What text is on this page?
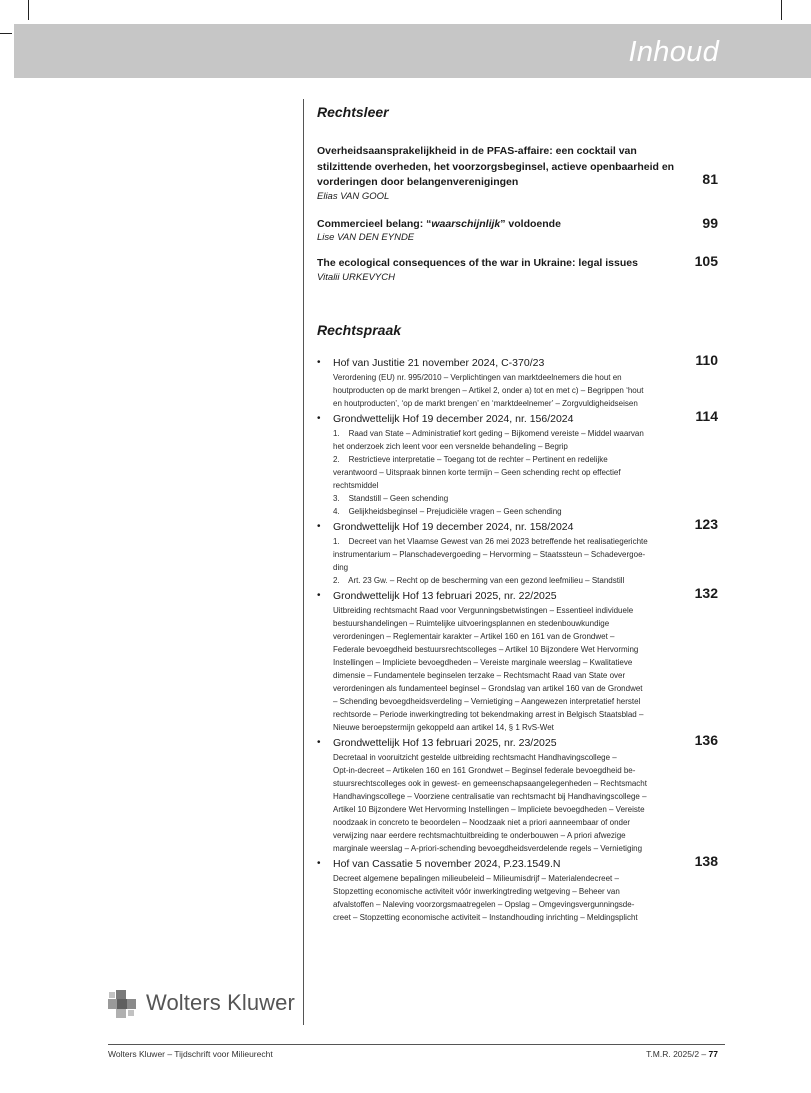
Inhoud
Rechtsleer
Overheidsaansprakelijkheid in de PFAS-affaire: een cocktail van stilzittende overheden, het voorzorgsbeginsel, actieve openbaarheid en vorderingen door belangenverenigingen
Elias VAN GOOL
81
Commercieel belang: “waarschijnlijk” voldoende
Lise VAN DEN EYNDE
99
The ecological consequences of the war in Ukraine: legal issues
Vitalii URKEVYCH
105
Rechtspraak
• Hof van Justitie 21 november 2024, C-370/23
Verordening (EU) nr. 995/2010 – Verplichtingen van marktdeelnemers die hout en
houtproducten op de markt brengen – Artikel 2, onder a) tot en met c) – Begrippen ‘hout
en houtproducten’, ‘op de markt brengen’ en ‘marktdeelnemer’ – Zorgvuldigheidseisen
110
• Grondwettelijk Hof 19 december 2024, nr. 156/2024
1.    Raad van State – Administratief kort geding – Bijkomend vereiste – Middel waarvan
het onderzoek zich leent voor een versnelde behandeling – Begrip
2.    Restrictieve interpretatie – Toegang tot de rechter – Pertinent en redelijke
verantwoord – Uitspraak binnen korte termijn – Geen schending recht op effectief
rechtsmiddel
3.    Standstill – Geen schending
4.    Gelijkheidsbeginsel – Prejudiciële vragen – Geen schending
114
• Grondwettelijk Hof 19 december 2024, nr. 158/2024
1.    Decreet van het Vlaamse Gewest van 26 mei 2023 betreffende het realisatiegerichte
instrumentarium – Planschadevergoeding – Hervorming – Staatssteun – Schadevergoe-
ding
2.    Art. 23 Gw. – Recht op de bescherming van een gezond leefmilieu – Standstill
123
• Grondwettelijk Hof 13 februari 2025, nr. 22/2025
Uitbreiding rechtsmacht Raad voor Vergunningsbetwistingen – Essentieel individuele
bestuurshandelingen – Ruimtelijke uitvoeringsplannen en stedenbouwkundige
verordeningen – Reglementair karakter – Artikel 160 en 161 van de Grondwet –
Federale bevoegdheid bestuursrechtscolleges – Artikel 10 Bijzondere Wet Hervorming
Instellingen – Impliciete bevoegdheden – Vereiste marginale weerslag – Kwalitatieve
dimensie – Fundamentele beginselen terzake – Rechtsmacht Raad van State over
verordeningen als fundamenteel beginsel – Grondslag van artikel 160 van de Grondwet
– Schending bevoegdheidsverdeling – Vernietiging – Aangewezen interpretatief herstel
rechtsorde – Periode inwerkingtreding tot bekendmaking arrest in Belgisch Staatsblad –
Nieuwe beroepstermijn gekoppeld aan artikel 14, § 1 RvS-Wet
132
• Grondwettelijk Hof 13 februari 2025, nr. 23/2025
Decretaal in vooruitzicht gestelde uitbreiding rechtsmacht Handhavingscollege –
Opt-in-decreet – Artikelen 160 en 161 Grondwet – Beginsel federale bevoegdheid be-
stuursrechtscolleges ook in gewest- en gemeenschapsaangelegenheden – Rechtsmacht
Handhavingscollege – Voorziene centralisatie van rechtsmacht bij Handhavingscollege –
Artikel 10 Bijzondere Wet Hervorming Instellingen – Impliciete bevoegdheden – Vereiste
noodzaak in concreto te beoordelen – Noodzaak niet a priori aanneembaar of onder
verwijzing naar eerdere rechtsmachtuitbreiding te onderbouwen – A priori afwezige
marginale weerslag – A-priori-schending bevoegdheidsverdelende regels – Vernietiging
136
• Hof van Cassatie 5 november 2024, P.23.1549.N
Decreet algemene bepalingen milieubeleid – Milieumisdrijf – Materialendecreet –
Stopzetting economische activiteit vóór inwerkingtreding wetgeving – Beheer van
afvalstoffen – Naleving voorzorgsmaatregelen – Opslag – Omgevingsvergunningsde-
creet – Stopzetting economische activiteit – Instandhouding inrichting – Meldingsplicht
138
Wolters Kluwer
Wolters Kluwer – Tijdschrift voor Milieurecht	T.M.R. 2025/2 – 77
